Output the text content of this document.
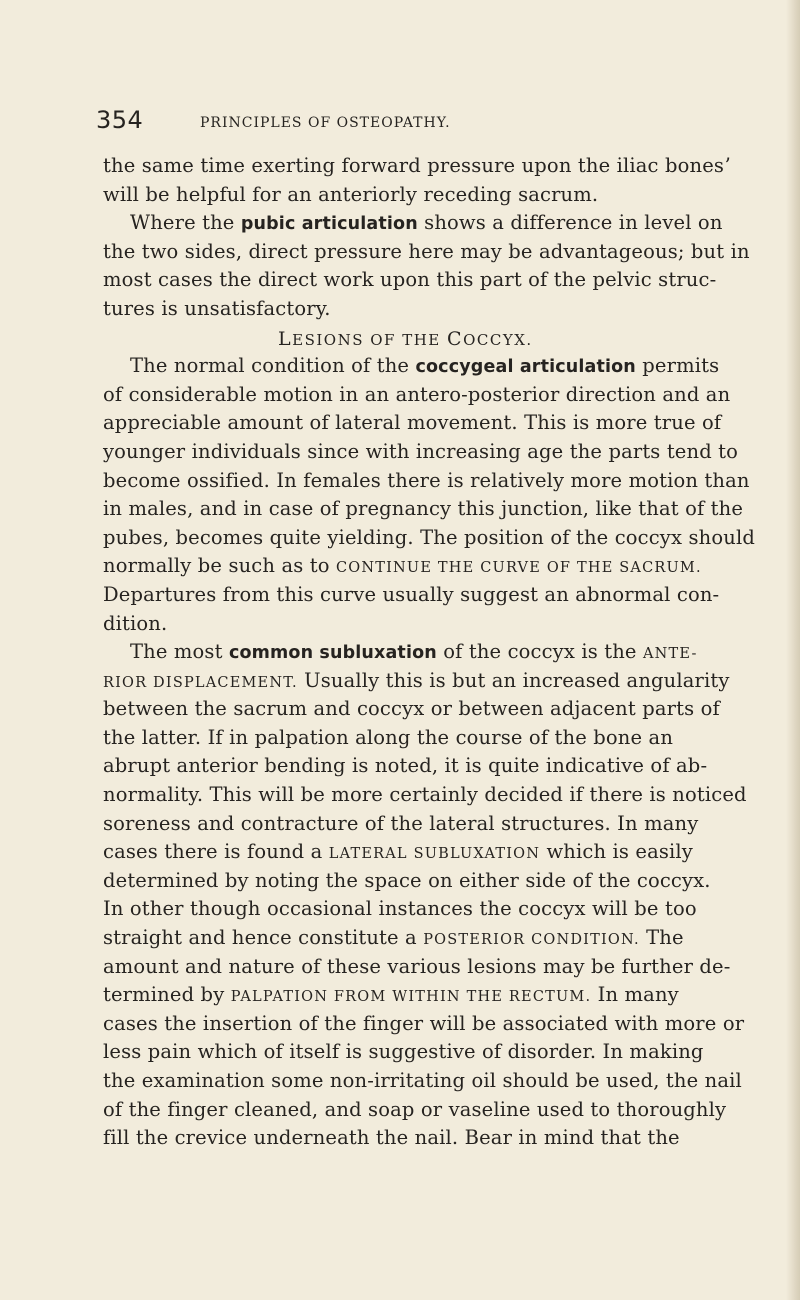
354	PRINCIPLES OF OSTEOPATHY.
the same time exerting forward pressure upon the iliac bonesʼ
will be helpful for an anteriorly receding sacrum.
Where the pubic articulation shows a difference in level on
the two sides, direct pressure here may be advantageous; but in
most cases the direct work upon this part of the pelvic struc-
tures is unsatisfactory.
LESIONS OF THE COCCYX.
The normal condition of the coccygeal articulation permits
of considerable motion in an antero-posterior direction and an
appreciable amount of lateral movement. This is more true of
younger individuals since with increasing age the parts tend to
become ossified. In females there is relatively more motion than
in males, and in case of pregnancy this junction, like that of the
pubes, becomes quite yielding. The position of the coccyx should
normally be such as to CONTINUE THE CURVE OF THE SACRUM.
Departures from this curve usually suggest an abnormal con-
dition.
The most common subluxation of the coccyx is the ANTE-
RIOR DISPLACEMENT. Usually this is but an increased angularity
between the sacrum and coccyx or between adjacent parts of
the latter. If in palpation along the course of the bone an
abrupt anterior bending is noted, it is quite indicative of ab-
normality. This will be more certainly decided if there is noticed
soreness and contracture of the lateral structures. In many
cases there is found a LATERAL SUBLUXATION which is easily
determined by noting the space on either side of the coccyx.
In other though occasional instances the coccyx will be too
straight and hence constitute a POSTERIOR CONDITION. The
amount and nature of these various lesions may be further de-
termined by PALPATION FROM WITHIN THE RECTUM. In many
cases the insertion of the finger will be associated with more or
less pain which of itself is suggestive of disorder. In making
the examination some non-irritating oil should be used, the nail
of the finger cleaned, and soap or vaseline used to thoroughly
fill the crevice underneath the nail. Bear in mind that the
